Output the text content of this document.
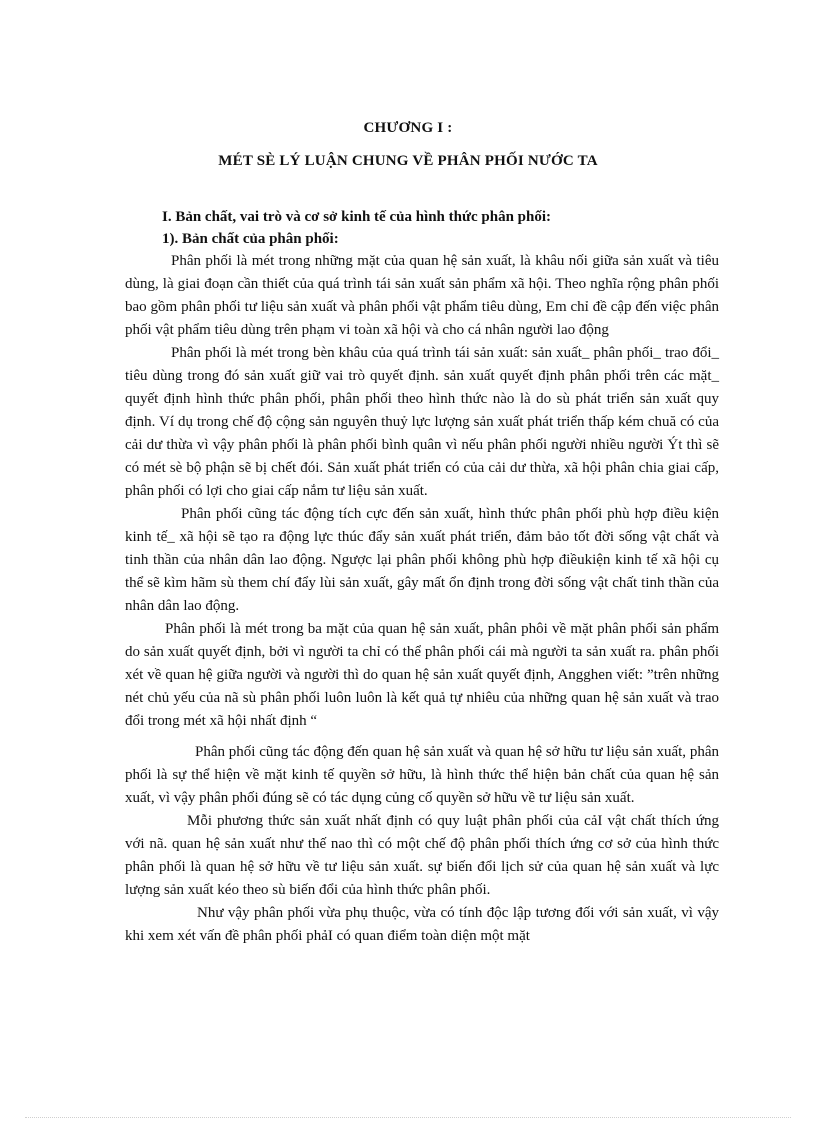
CHƯƠNG I :
MÉT SÈ LÝ LUẬN CHUNG VỀ PHÂN PHỐI NƯỚC TA

I. Bản chất, vai trò và cơ sở kinh tế của hình thức phân phối:

1). Bản chất của phân phối:

Phân phối là mét trong những mặt của quan hệ sản xuất, là khâu nối giữa sản xuất và tiêu dùng, là giai đoạn cần thiết của quá trình tái sản xuất sản phẩm xã hội. Theo nghĩa rộng phân phối bao gồm phân phối tư liệu sản xuất và phân phối vật phẩm tiêu dùng, Em chỉ đề cập đến việc phân phối vật phẩm tiêu dùng trên phạm vi toàn xã hội và cho cá nhân người lao động

Phân phối là mét trong bèn khâu của quá trình tái sản xuất: sản xuất_ phân phối_ trao đổi_ tiêu dùng trong đó sản xuất giữ vai trò quyết định. sản xuất quyết định phân phối trên các mặt_ quyết định hình thức phân phối, phân phối theo hình thức nào là do sù phát triển sản xuất quy định. Ví dụ trong chế độ cộng sản nguyên thuỷ lực lượng sản xuất phát triển thấp kém chuă có của cải dư thừa vì vậy phân phối là phân phối bình quân vì nếu phân phối người nhiều người Ýt thì sẽ có mét sè bộ phận sẽ bị chết đói. Sản xuất phát triển có của cải dư thừa, xã hội phân chia giai cấp, phân phối có lợi cho giai cấp nắm tư liệu sản xuất.

Phân phối cũng tác động tích cực đến sản xuất, hình thức phân phối phù hợp điều kiện kinh tế_ xã hội sẽ tạo ra động lực thúc đẩy sản xuất phát triển, đảm bảo tốt đời sống vật chất và tinh thần của nhân dân lao động. Ngược lại phân phối không phù hợp điềukiện kinh tế xã hội cụ thể sẽ kìm hãm sù them chí đẩy lùi sản xuất, gây mất ổn định trong đời sống vật chất tinh thần của nhân dân lao động.

Phân phối là mét trong ba mặt của quan hệ sản xuất, phân phôi về mặt phân phối sản phẩm do sản xuất quyết định, bởi vì người ta chỉ có thể phân phối cái mà người ta sản xuất ra. phân phối xét về quan hệ giữa người và người thì do quan hệ sản xuất quyết định, Angghen viết: ”trên những nét chủ yếu của nã sù phân phối luôn luôn là kết quả tự nhiêu của những quan hệ sản xuất và trao đổi trong mét xã hội nhất định “

Phân phối cũng tác động đến quan hệ sản xuất và quan hệ sở hữu tư liệu sản xuất, phân phối là sự thể hiện về mặt kinh tế quyền sở hữu, là hình thức thể hiện bản chất của quan hệ sản xuất, vì vậy phân phối đúng sẽ có tác dụng củng cố quyền sở hữu về tư liệu sản xuất.

Mỗi phương thức sản xuất nhất định có quy luật phân phối của cảI vật chất thích ứng với nã. quan hệ sản xuất như thế nao thì có một chế độ phân phối thích ứng cơ sở của hình thức phân phối là quan hệ sở hữu về tư liệu sản xuất. sự biến đổi lịch sử của quan hệ sản xuất và lực lượng sản xuất kéo theo sù biến đổi của hình thức phân phối.

Như vậy phân phối vừa phụ thuộc, vừa có tính độc lập tương đối với sản xuất, vì vậy khi xem xét vấn đề phân phối phảI có quan điểm toàn diện một mặt
